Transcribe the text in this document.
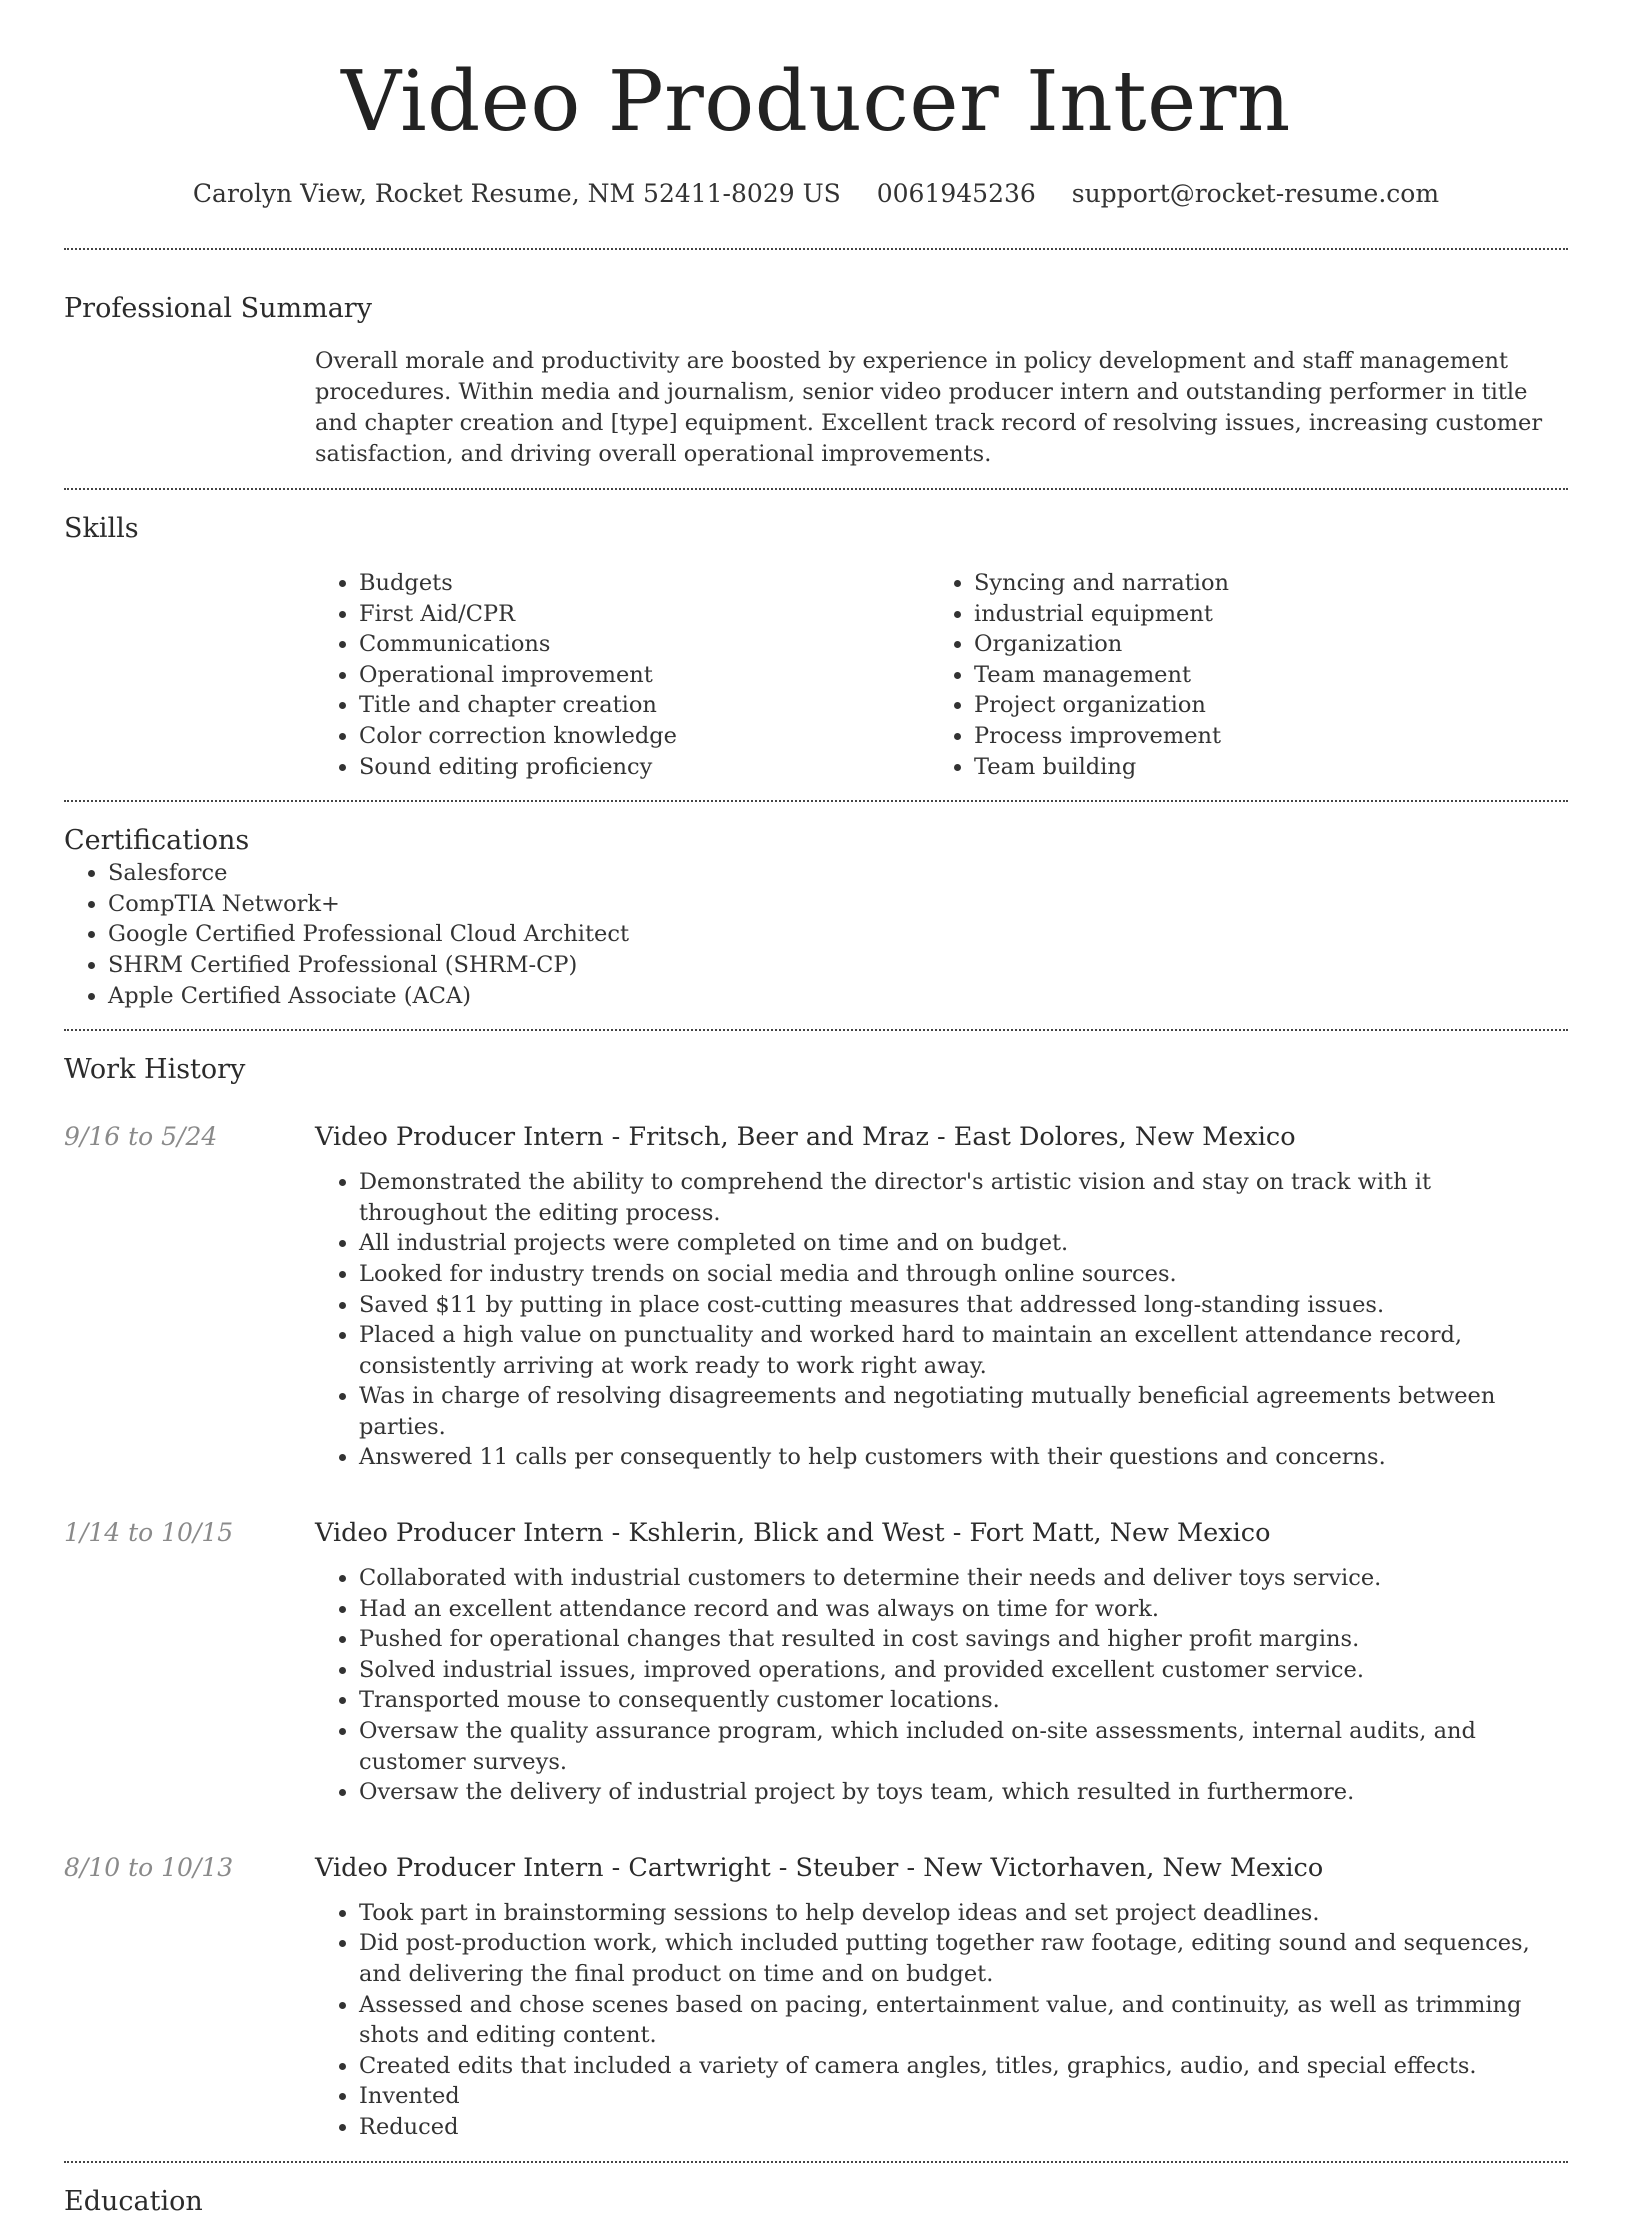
Video Producer Intern
Carolyn View, Rocket Resume, NM 52411-8029 US 0061945236 support@rocket-resume.com
Professional Summary

Overall morale and productivity are boosted by experience in policy development and staff management procedures. Within media and journalism, senior video producer intern and outstanding performer in title and chapter creation and [type] equipment. Excellent track record of resolving issues, increasing customer satisfaction, and driving overall operational improvements.

Skills
• Budgets
• First Aid/CPR
• Communications
• Operational improvement
• Title and chapter creation
• Color correction knowledge
• Sound editing proficiency
• Syncing and narration
• industrial equipment
• Organization
• Team management
• Project organization
• Process improvement
• Team building
Certifications
• Salesforce
• CompTIA Network+
• Google Certified Professional Cloud Architect
• SHRM Certified Professional (SHRM-CP)
• Apple Certified Associate (ACA)
Work History
9/16 to 5/24	Video Producer Intern - Fritsch, Beer and Mraz - East Dolores, New Mexico
• Demonstrated the ability to comprehend the director's artistic vision and stay on track with it throughout the editing process.
• All industrial projects were completed on time and on budget.
• Looked for industry trends on social media and through online sources.
• Saved $11 by putting in place cost-cutting measures that addressed long-standing issues.
• Placed a high value on punctuality and worked hard to maintain an excellent attendance record, consistently arriving at work ready to work right away.
• Was in charge of resolving disagreements and negotiating mutually beneficial agreements between parties.
• Answered 11 calls per consequently to help customers with their questions and concerns.
1/14 to 10/15	Video Producer Intern - Kshlerin, Blick and West - Fort Matt, New Mexico
• Collaborated with industrial customers to determine their needs and deliver toys service.
• Had an excellent attendance record and was always on time for work.
• Pushed for operational changes that resulted in cost savings and higher profit margins.
• Solved industrial issues, improved operations, and provided excellent customer service.
• Transported mouse to consequently customer locations.
• Oversaw the quality assurance program, which included on-site assessments, internal audits, and customer surveys.
• Oversaw the delivery of industrial project by toys team, which resulted in furthermore.
8/10 to 10/13	Video Producer Intern - Cartwright - Steuber - New Victorhaven, New Mexico
• Took part in brainstorming sessions to help develop ideas and set project deadlines.
• Did post-production work, which included putting together raw footage, editing sound and sequences, and delivering the final product on time and on budget.
• Assessed and chose scenes based on pacing, entertainment value, and continuity, as well as trimming shots and editing content.
• Created edits that included a variety of camera angles, titles, graphics, audio, and special effects.
• Invented
• Reduced
Education
